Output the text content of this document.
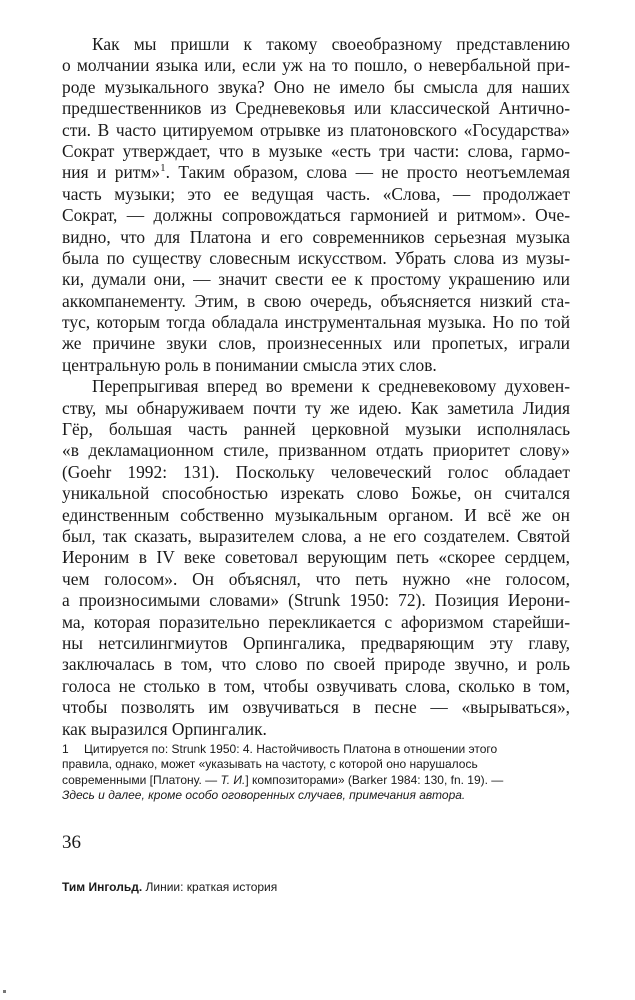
Как мы пришли к такому своеобразному представлению
о молчании языка или, если уж на то пошло, о невербальной при-
роде музыкального звука? Оно не имело бы смысла для наших
предшественников из Средневековья или классической Антично-
сти. В часто цитируемом отрывке из платоновского «Государства»
Сократ утверждает, что в музыке «есть три части: слова, гармо-
ния и ритм»$^1$. Таким образом, слова — не просто неотъемлемая
часть музыки; это ее ведущая часть. «Слова, — продолжает
Сократ, — должны сопровождаться гармонией и ритмом». Оче-
видно, что для Платона и его современников серьезная музыка
была по существу словесным искусством. Убрать слова из музы-
ки, думали они, — значит свести ее к простому украшению или
аккомпанементу. Этим, в свою очередь, объясняется низкий ста-
тус, которым тогда обладала инструментальная музыка. Но по той
же причине звуки слов, произнесенных или пропетых, играли
центральную роль в понимании смысла этих слов.
Перепрыгивая вперед во времени к средневековому духовен-
ству, мы обнаруживаем почти ту же идею. Как заметила Лидия
Гёр, большая часть ранней церковной музыки исполнялась
«в декламационном стиле, призванном отдать приоритет слову»
(Goehr 1992: 131). Поскольку человеческий голос обладает
уникальной способностью изрекать слово Божье, он считался
единственным собственно музыкальным органом. И всё же он
был, так сказать, выразителем слова, а не его создателем. Святой
Иероним в IV веке советовал верующим петь «скорее сердцем,
чем голосом». Он объяснял, что петь нужно «не голосом,
а произносимыми словами» (Strunk 1950: 72). Позиция Иерони-
ма, которая поразительно перекликается с афоризмом старейши-
ны нетсилингмиутов Орпингалика, предваряющим эту главу,
заключалась в том, что слово по своей природе звучно, и роль
голоса не столько в том, чтобы озвучивать слова, сколько в том,
чтобы позволять им озвучиваться в песне — «вырываться»,
как выразился Орпингалик.
1 Цитируется по: Strunk 1950: 4. Настойчивость Платона в отношении этого
правила, однако, может «указывать на частоту, с которой оно нарушалось
современными [Платону. — Т. И.] композиторами» (Barker 1984: 130, fn. 19). —
Здесь и далее, кроме особо оговоренных случаев, примечания автора.
36
Тим Ингольд. Линии: краткая история
